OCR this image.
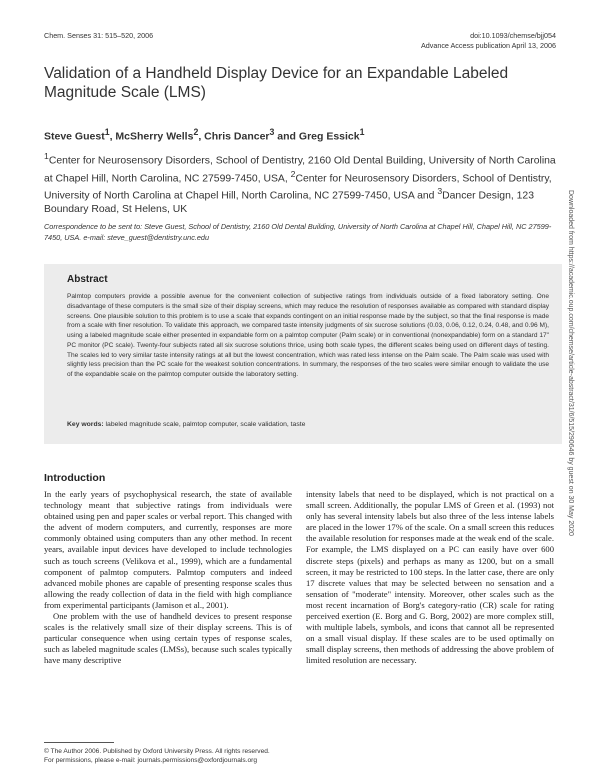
Chem. Senses 31: 515–520, 2006	doi:10.1093/chemse/bjj054
Advance Access publication April 13, 2006
Validation of a Handheld Display Device for an Expandable Labeled Magnitude Scale (LMS)
Steve Guest$^1$, McSherry Wells$^2$, Chris Dancer$^3$ and Greg Essick$^1$
$^1$Center for Neurosensory Disorders, School of Dentistry, 2160 Old Dental Building, University of North Carolina at Chapel Hill, North Carolina, NC 27599-7450, USA, $^2$Center for Neurosensory Disorders, School of Dentistry, University of North Carolina at Chapel Hill, North Carolina, NC 27599-7450, USA and $^3$Dancer Design, 123 Boundary Road, St Helens, UK
Correspondence to be sent to: Steve Guest, School of Dentistry, 2160 Old Dental Building, University of North Carolina at Chapel Hill, Chapel Hill, NC 27599-7450, USA. e-mail: steve_guest@dentistry.unc.edu
Abstract
Palmtop computers provide a possible avenue for the convenient collection of subjective ratings from individuals outside of a fixed laboratory setting. One disadvantage of these computers is the small size of their display screens, which may reduce the resolution of responses available as compared with standard display screens. One plausible solution to this problem is to use a scale that expands contingent on an initial response made by the subject, so that the final response is made from a scale with finer resolution. To validate this approach, we compared taste intensity judgments of six sucrose solutions (0.03, 0.06, 0.12, 0.24, 0.48, and 0.96 M), using a labeled magnitude scale either presented in expandable form on a palmtop computer (Palm scale) or in conventional (nonexpandable) form on a standard 17" PC monitor (PC scale). Twenty-four subjects rated all six sucrose solutions thrice, using both scale types, the different scales being used on different days of testing. The scales led to very similar taste intensity ratings at all but the lowest concentration, which was rated less intense on the Palm scale. The Palm scale was used with slightly less precision than the PC scale for the weakest solution concentrations. In summary, the responses of the two scales were similar enough to validate the use of the expandable scale on the palmtop computer outside the laboratory setting.
Key words: labeled magnitude scale, palmtop computer, scale validation, taste
Introduction

In the early years of psychophysical research, the state of available technology meant that subjective ratings from individuals were obtained using pen and paper scales or verbal report. This changed with the advent of modern computers, and currently, responses are more commonly obtained using computers than any other method. In recent years, available input devices have developed to include technologies such as touch screens (Velikova et al., 1999), which are a fundamental component of palmtop computers. Palmtop computers and indeed advanced mobile phones are capable of presenting response scales thus allowing the ready collection of data in the field with high compliance from experimental participants (Jamison et al., 2001).

One problem with the use of handheld devices to present response scales is the relatively small size of their display screens. This is of particular consequence when using certain types of response scales, such as labeled magnitude scales (LMSs), because such scales typically have many descriptive

intensity labels that need to be displayed, which is not practical on a small screen. Additionally, the popular LMS of Green et al. (1993) not only has several intensity labels but also three of the less intense labels are placed in the lower 17% of the scale. On a small screen this reduces the available resolution for responses made at the weak end of the scale. For example, the LMS displayed on a PC can easily have over 600 discrete steps (pixels) and perhaps as many as 1200, but on a small screen, it may be restricted to 100 steps. In the latter case, there are only 17 discrete values that may be selected between no sensation and a sensation of "moderate" intensity. Moreover, other scales such as the most recent incarnation of Borg's category-ratio (CR) scale for rating perceived exertion (E. Borg and G. Borg, 2002) are more complex still, with multiple labels, symbols, and icons that cannot all be represented on a small visual display. If these scales are to be used optimally on small display screens, then methods of addressing the above problem of limited resolution are necessary.

Downloaded from https://academic.oup.com/chemse/article-abstract/31/6/515/290646 by guest on 30 May 2020
© The Author 2006. Published by Oxford University Press. All rights reserved.
For permissions, please e-mail: journals.permissions@oxfordjournals.org
